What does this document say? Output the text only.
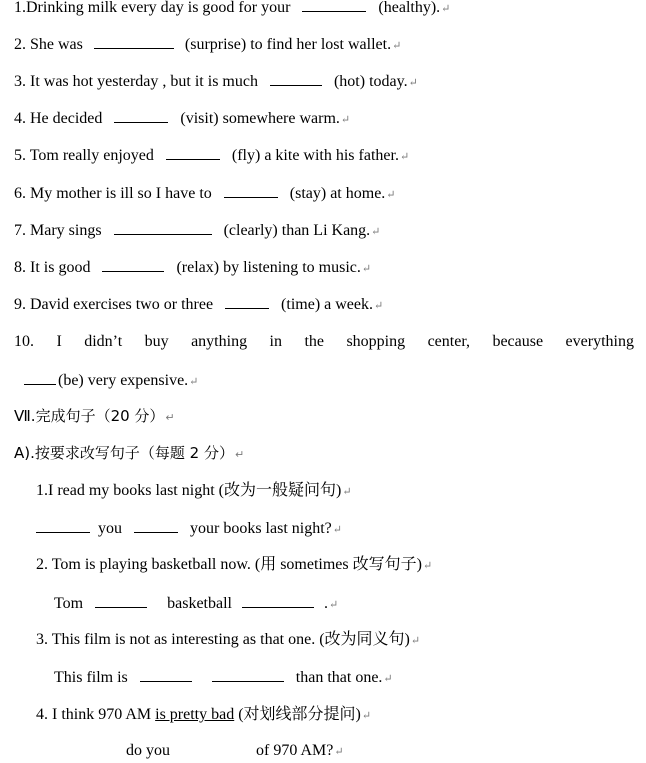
1.Drinking milk every day is good for your	(healthy).↵
2. She was	(surprise) to find her lost wallet.↵
3. It was hot yesterday , but it is much	(hot) today.↵
4. He decided	(visit) somewhere warm.↵
5. Tom really enjoyed	(fly) a kite with his father.↵
6. My mother is ill so I have to	(stay) at home.↵
7. Mary sings	(clearly) than Li Kang.↵
8. It is good	(relax) by listening to music.↵
9. David exercises two or three	(time) a week.↵
10. I didn’t buy anything in the shopping center, because everything
(be) very expensive.↵
Ⅶ.完成句子（20 分）↵
A).按要求改写句子（每题 2 分）↵
1.I read my books last night (改为一般疑问句)↵
you	your books last night?↵
2. Tom is playing basketball now. (用 sometimes 改写句子)↵
Tom	basketball	.↵
3. This film is not as interesting as that one. (改为同义句)↵
This film is	than that one.↵
4. I think 970 AM is pretty bad (对划线部分提问)↵
do you	of 970 AM?↵
